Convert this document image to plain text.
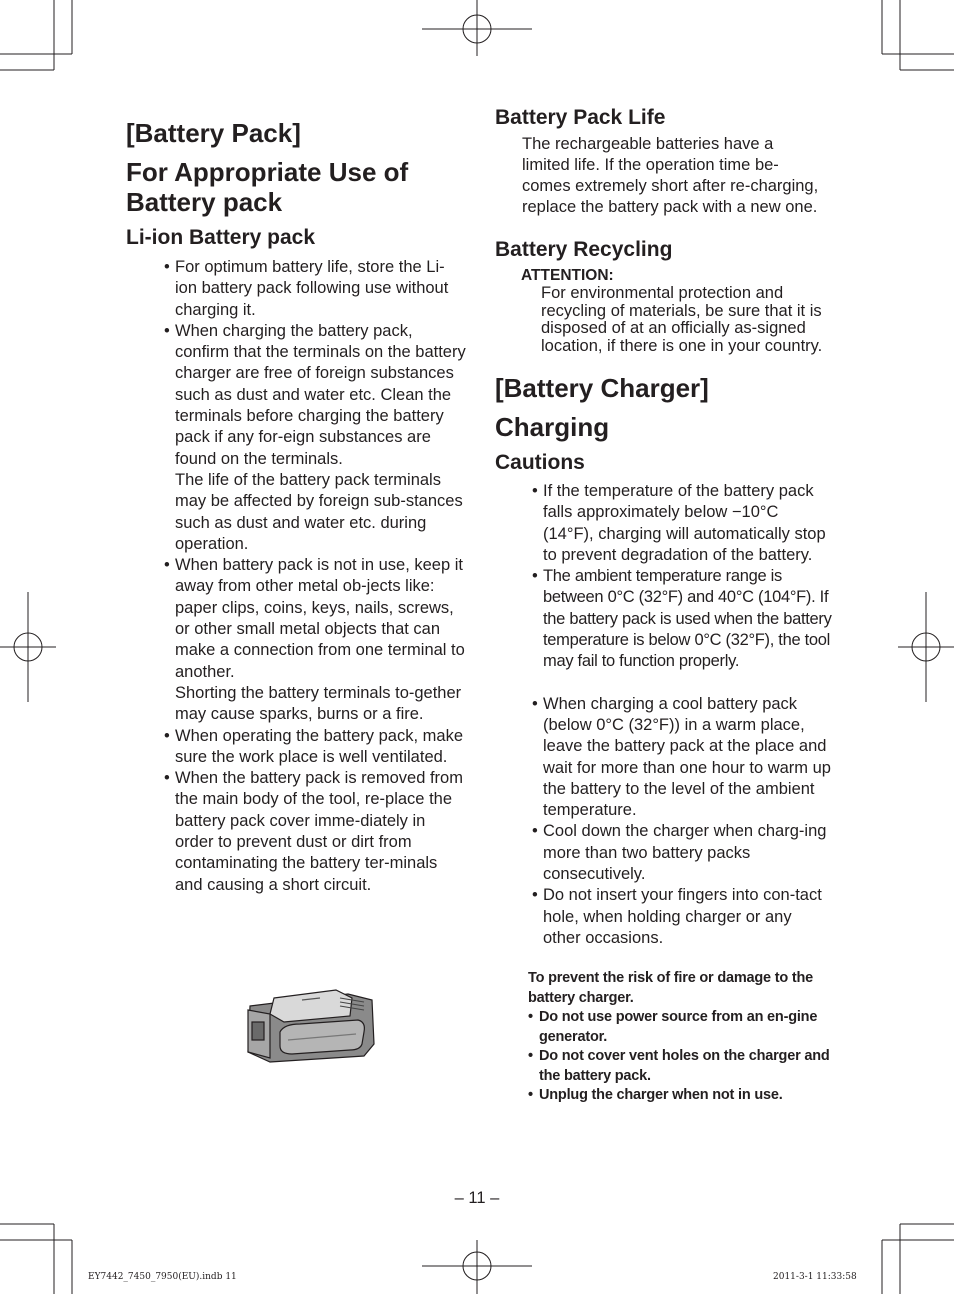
[Battery Pack]
For Appropriate Use of
Battery pack
Li-ion Battery pack
• For optimum battery life, store the Li-ion battery pack following use without charging it.
• When charging the battery pack, confirm that the terminals on the battery charger are free of foreign substances such as dust and water etc. Clean the terminals before charging the battery pack if any for-eign substances are found on the terminals.
The life of the battery pack terminals may be affected by foreign sub-stances such as dust and water etc. during operation.
• When battery pack is not in use, keep it away from other metal ob-jects like: paper clips, coins, keys, nails, screws, or other small metal objects that can make a connection from one terminal to another.
Shorting the battery terminals to-gether may cause sparks, burns or a fire.
• When operating the battery pack, make sure the work place is well ventilated.
• When the battery pack is removed from the main body of the tool, re-place the battery pack cover imme-diately in order to prevent dust or dirt from contaminating the battery ter-minals and causing a short circuit.
Battery Pack Life
The rechargeable batteries have a limited life. If the operation time be-comes extremely short after re-charging, replace the battery pack with a new one.
Battery Recycling
ATTENTION:
For environmental protection and recycling of materials, be sure that it is disposed of at an officially as-signed location, if there is one in your country.
[Battery Charger]
Charging
Cautions
• If the temperature of the battery pack falls approximately below −10°C (14°F), charging will automatically stop to prevent degradation of the battery.
• The ambient temperature range is between 0°C (32°F) and 40°C (104°F). If the battery pack is used when the battery temperature is below 0°C (32°F), the tool may fail to function properly.
• When charging a cool battery pack (below 0°C (32°F)) in a warm place, leave the battery pack at the place and wait for more than one hour to warm up the battery to the level of the ambient temperature.
• Cool down the charger when charg-ing more than two battery packs consecutively.
• Do not insert your fingers into con-tact hole, when holding charger or any other occasions.
To prevent the risk of fire or damage to the battery charger.
• Do not use power source from an en-gine generator.
• Do not cover vent holes on the charger and the battery pack.
• Unplug the charger when not in use.
– 11 –
EY7442_7450_7950(EU).indb 11	2011-3-1 11:33:58
